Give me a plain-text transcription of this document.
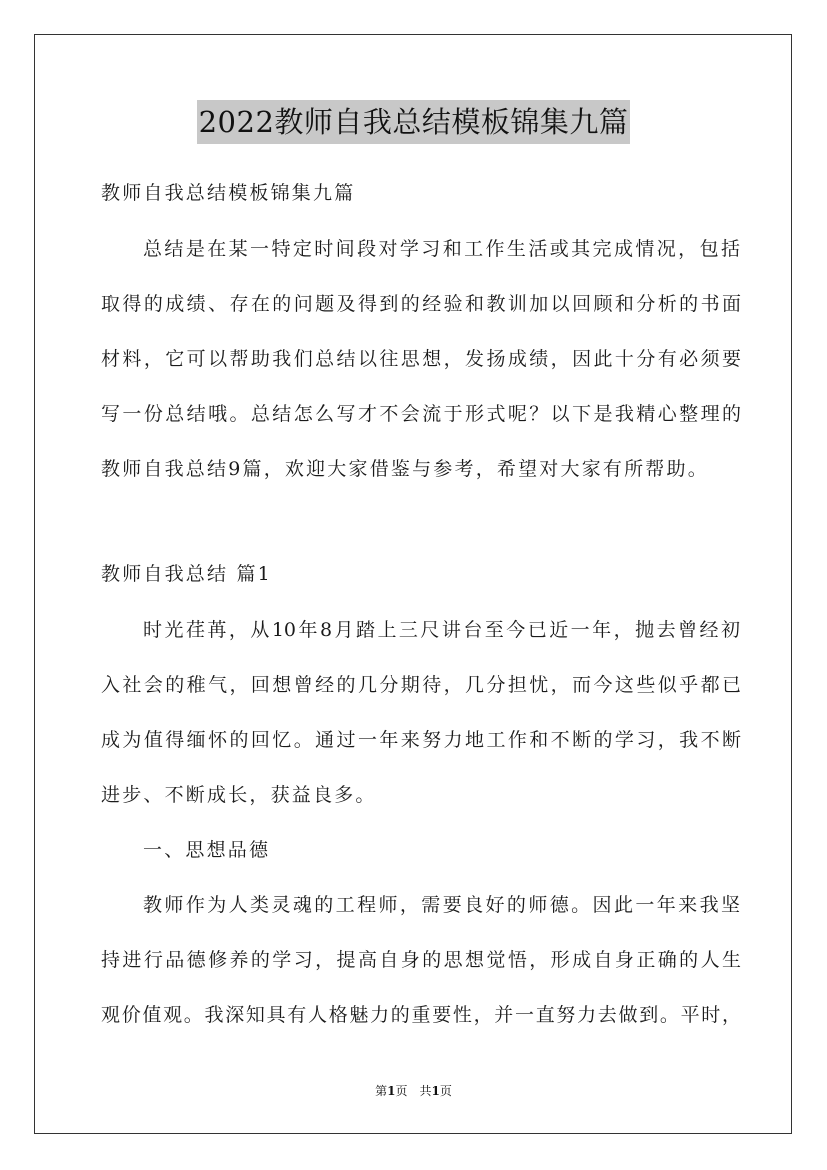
2022教师自我总结模板锦集九篇
教师自我总结模板锦集九篇
总结是在某一特定时间段对学习和工作生活或其完成情况，包括
取得的成绩、存在的问题及得到的经验和教训加以回顾和分析的书面
材料，它可以帮助我们总结以往思想，发扬成绩，因此十分有必须要
写一份总结哦。总结怎么写才不会流于形式呢？以下是我精心整理的
教师自我总结9篇，欢迎大家借鉴与参考，希望对大家有所帮助。
教师自我总结 篇1
时光荏苒，从10年8月踏上三尺讲台至今已近一年，抛去曾经初
入社会的稚气，回想曾经的几分期待，几分担忧，而今这些似乎都已
成为值得缅怀的回忆。通过一年来努力地工作和不断的学习，我不断
进步、不断成长，获益良多。
一、思想品德
教师作为人类灵魂的工程师，需要良好的师德。因此一年来我坚
持进行品德修养的学习，提高自身的思想觉悟，形成自身正确的人生
观价值观。我深知具有人格魅力的重要性，并一直努力去做到。平时，
第1页　共1页
